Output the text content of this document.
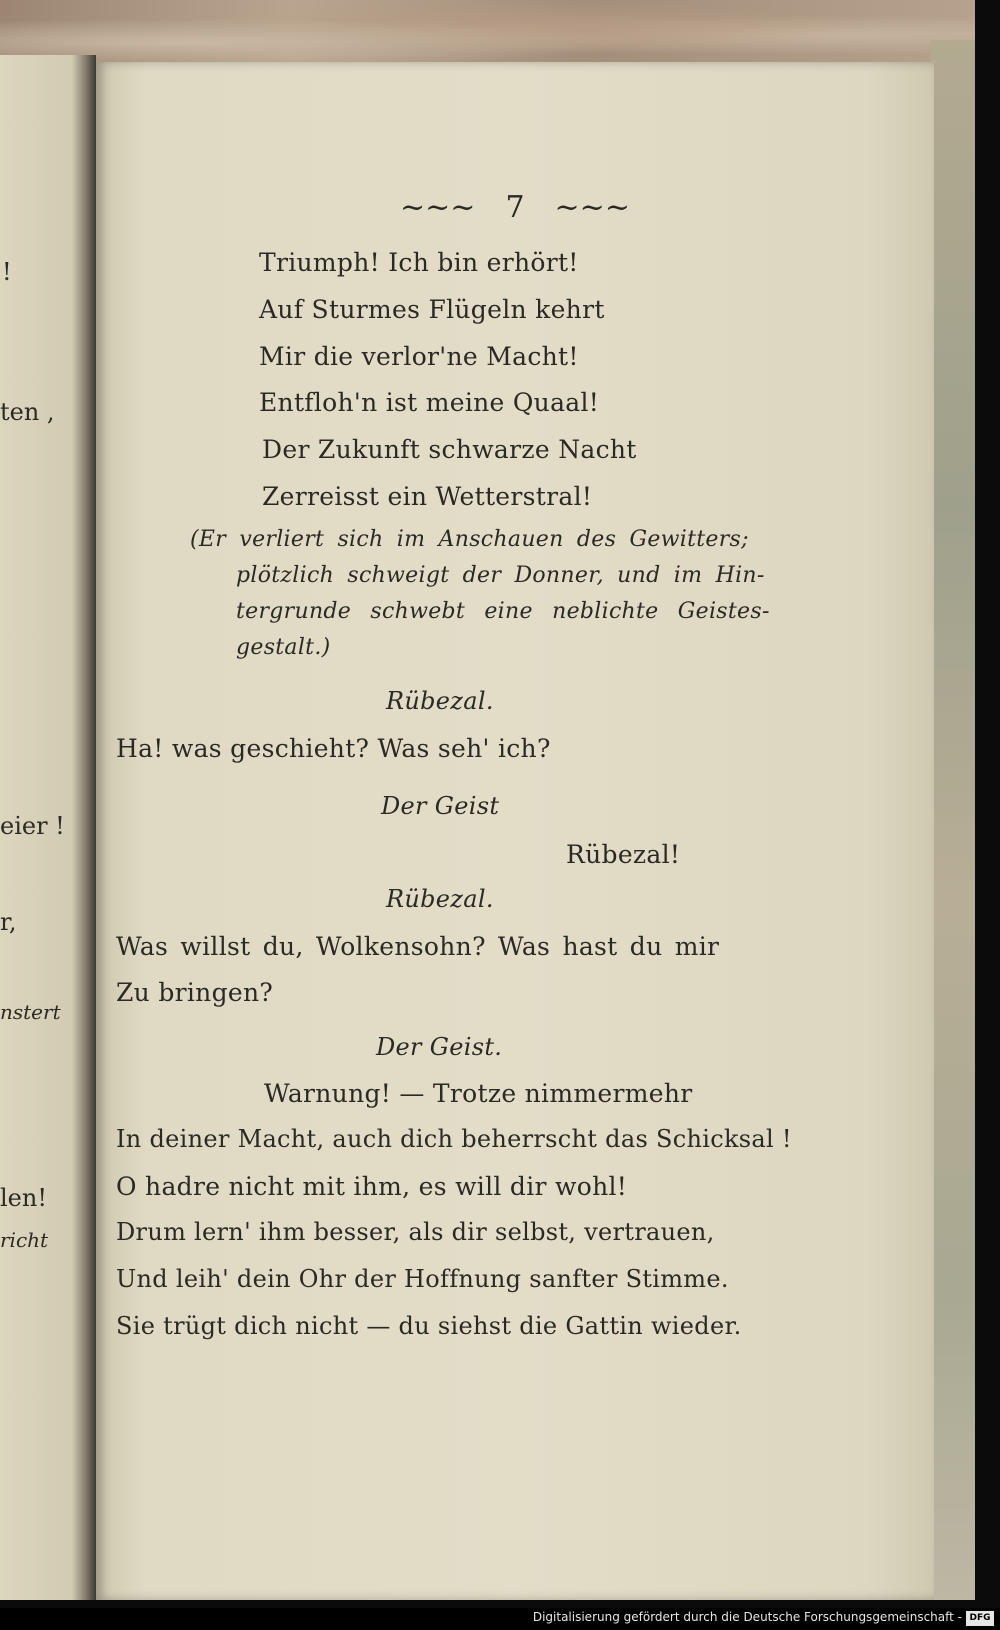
!
ten ,
eier !
r,
nstert
len!
richt
~~~ 7 ~~~
Triumph! Ich bin erhört!
Auf Sturmes Flügeln kehrt
Mir die verlor'ne Macht!
Entfloh'n ist meine Quaal!
Der Zukunft schwarze Nacht
Zerreisst ein Wetterstral!
(Er verliert sich im Anschauen des Gewitters;
plötzlich schweigt der Donner, und im Hin-
tergrunde schwebt eine neblichte Geistes-
gestalt.)
Rübezal.
Ha! was geschieht? Was seh' ich?
Der Geist
Rübezal!
Rübezal.
Was willst du, Wolkensohn? Was hast du mir
Zu bringen?
Der Geist.
Warnung! — Trotze nimmermehr
In deiner Macht, auch dich beherrscht das Schicksal !
O hadre nicht mit ihm, es will dir wohl!
Drum lern' ihm besser, als dir selbst, vertrauen,
Und leih' dein Ohr der Hoffnung sanfter Stimme.
Sie trügt dich nicht — du siehst die Gattin wieder.
Digitalisierung gefördert durch die Deutsche Forschungsgemeinschaft - DFG
